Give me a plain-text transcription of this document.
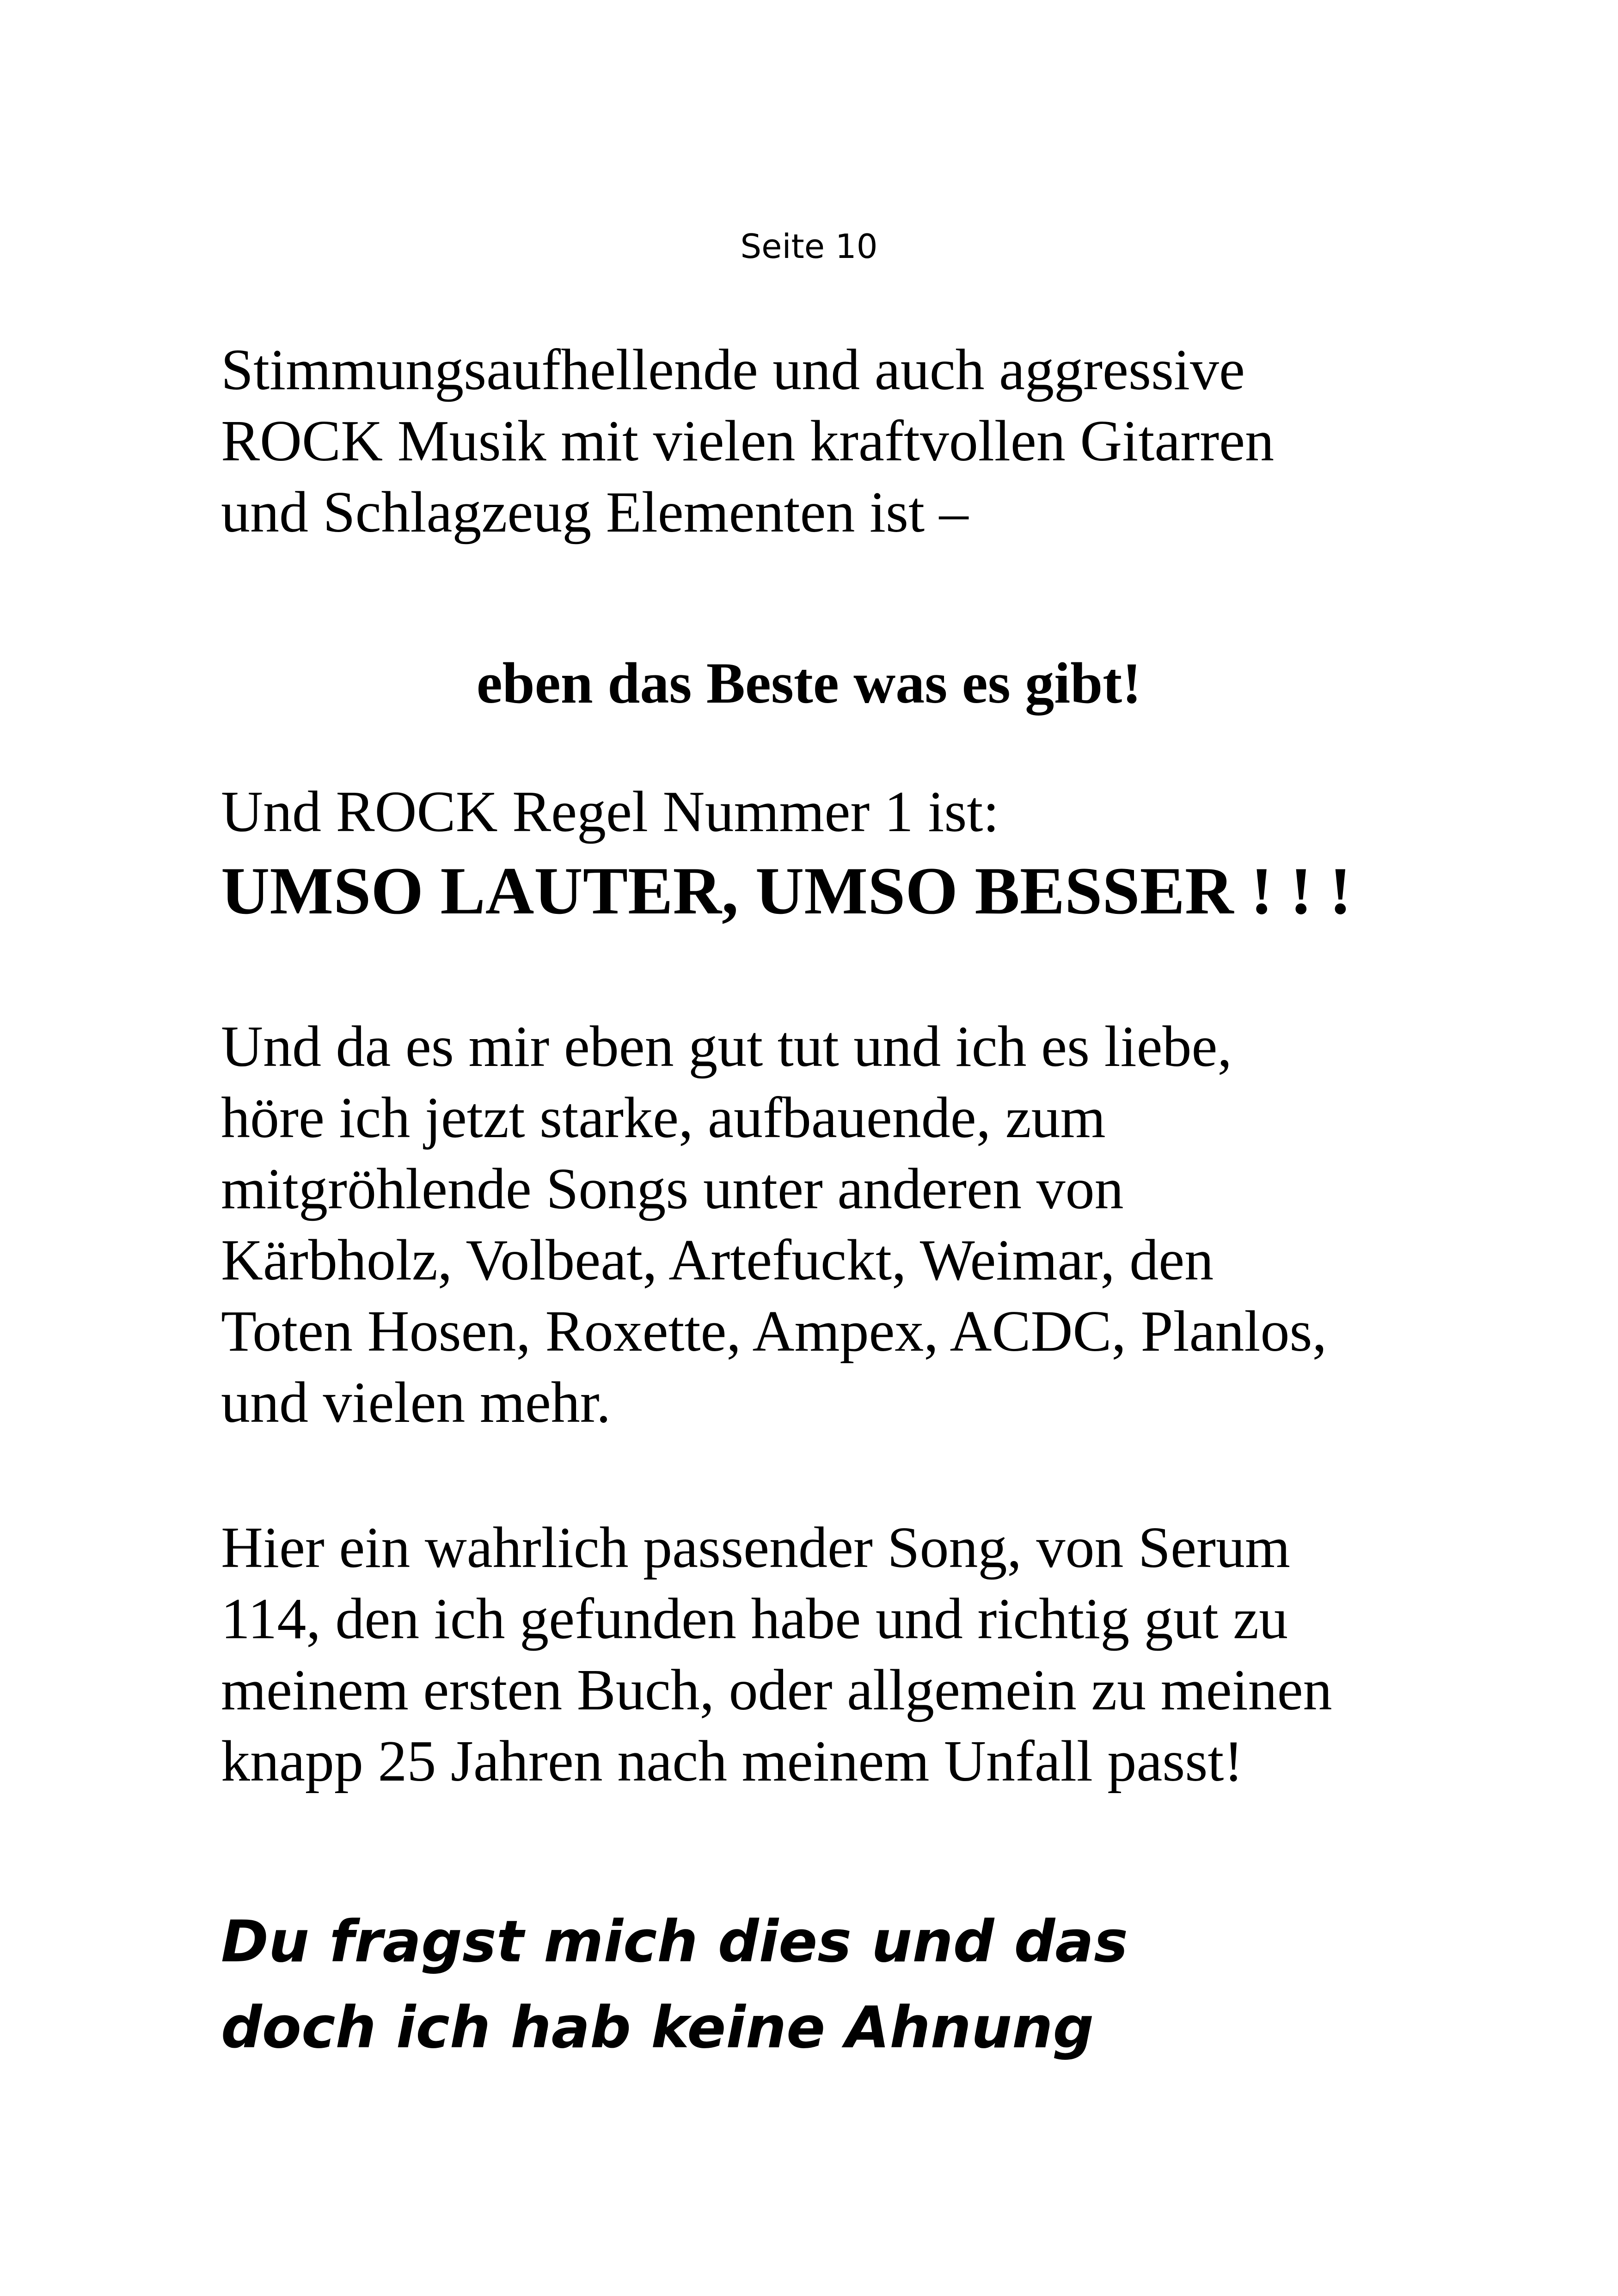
Seite 10
Stimmungsaufhellende und auch aggressive
ROCK Musik mit vielen kraftvollen Gitarren
und Schlagzeug Elementen ist –
eben das Beste was es gibt!
Und ROCK Regel Nummer 1 ist:
UMSO LAUTER, UMSO BESSER ! ! !
Und da es mir eben gut tut und ich es liebe,
höre ich jetzt starke, aufbauende, zum
mitgröhlende Songs unter anderen von
Kärbholz, Volbeat, Artefuckt, Weimar, den
Toten Hosen, Roxette, Ampex, ACDC, Planlos,
und vielen mehr.
Hier ein wahrlich passender Song, von Serum
114, den ich gefunden habe und richtig gut zu
meinem ersten Buch, oder allgemein zu meinen
knapp 25 Jahren nach meinem Unfall passt!
Du fragst mich dies und das
doch ich hab keine Ahnung
